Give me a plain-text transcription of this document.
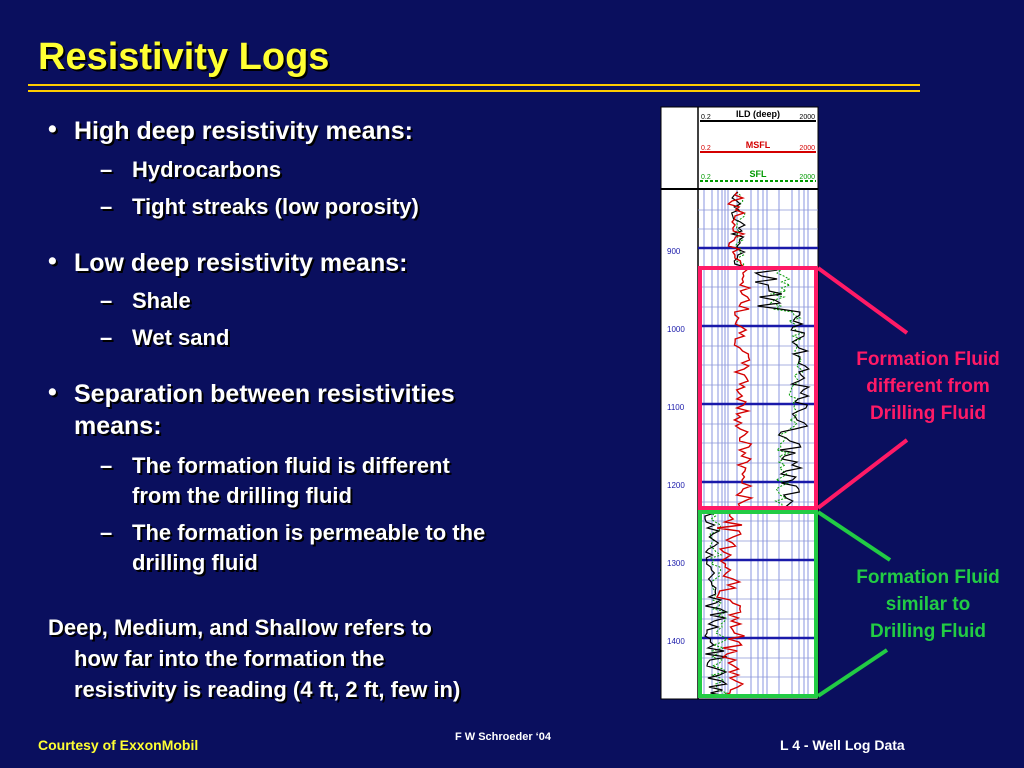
Resistivity Logs
• High deep resistivity means:
– Hydrocarbons
– Tight streaks (low porosity)
• Low deep resistivity means:
– Shale
– Wet sand
• Separation between resistivities
means:
– The formation fluid is different
from the drilling fluid
– The formation is permeable to the
drilling fluid
Deep, Medium, and Shallow refers to
how far into the formation the
resistivity is reading (4 ft, 2 ft, few in)
ILD (deep)
MSFL
SFL
0.2	2000
0.2	2000
0.2	2000
900
1000
1100
1200
1300
1400
Formation Fluid
different from
Drilling Fluid
Formation Fluid
similar to
Drilling Fluid
Courtesy of ExxonMobil	F W Schroeder ‘04	L 4 - Well Log Data
